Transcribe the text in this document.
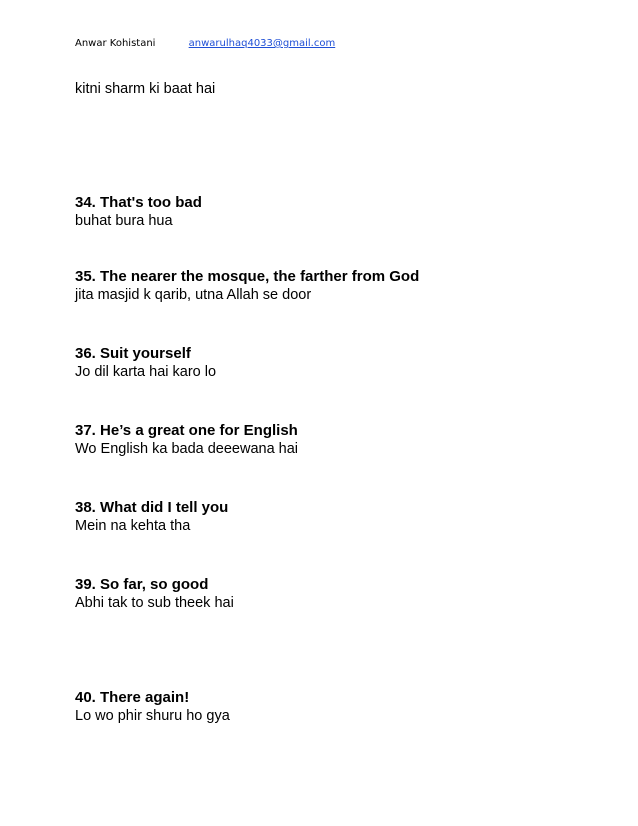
Anwar Kohistani	anwarulhaq4033@gmail.com
kitni sharm ki baat hai
34. That's too bad
buhat bura hua
35. The nearer the mosque, the farther from God
jita masjid k qarib, utna Allah se door
36. Suit yourself
Jo dil karta hai karo lo
37. He’s a great one for English
Wo English ka bada deeewana hai
38. What did I tell you
Mein na kehta tha
39. So far, so good
Abhi tak to sub theek hai
40. There again!
Lo wo phir shuru ho gya
